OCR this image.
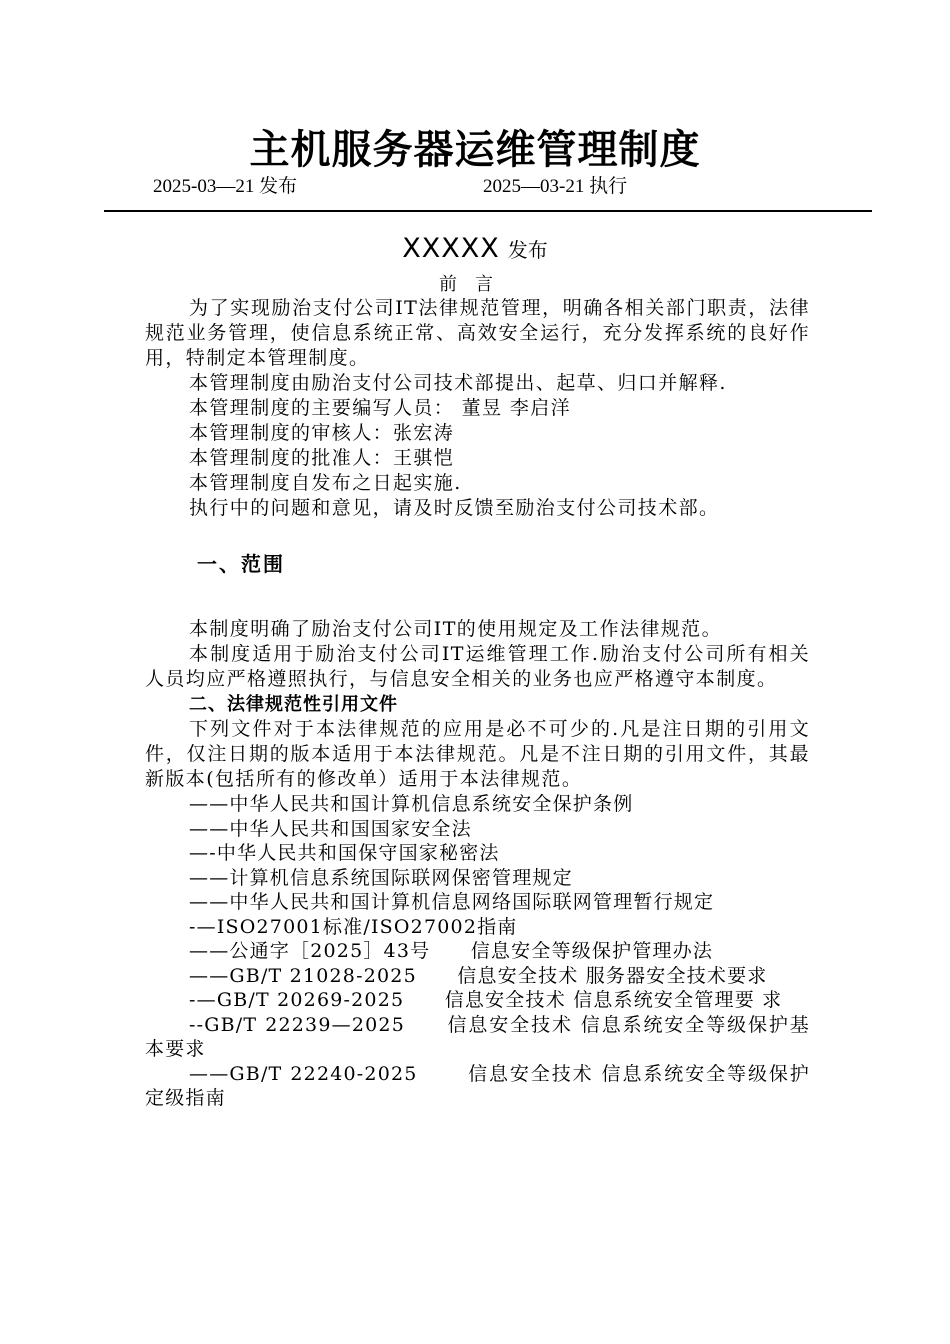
主机服务器运维管理制度
2025-03—21 发布	2025—03-21 执行
XXXXX 发布
前言

为了实现励治支付公司IT法律规范管理，明确各相关部门职责，法律规范业务管理，使信息系统正常、高效安全运行，充分发挥系统的良好作用，特制定本管理制度。

本管理制度由励治支付公司技术部提出、起草、归口并解释.

本管理制度的主要编写人员： 董昱 李启洋

本管理制度的审核人：张宏涛

本管理制度的批准人：王骐恺

本管理制度自发布之日起实施.

执行中的问题和意见，请及时反馈至励治支付公司技术部。

一、范围

本制度明确了励治支付公司IT的使用规定及工作法律规范。

本制度适用于励治支付公司IT运维管理工作.励治支付公司所有相关人员均应严格遵照执行，与信息安全相关的业务也应严格遵守本制度。

二、法律规范性引用文件

下列文件对于本法律规范的应用是必不可少的.凡是注日期的引用文件，仅注日期的版本适用于本法律规范。凡是不注日期的引用文件，其最新版本(包括所有的修改单）适用于本法律规范。

——中华人民共和国计算机信息系统安全保护条例

——中华人民共和国国家安全法

—-中华人民共和国保守国家秘密法

——计算机信息系统国际联网保密管理规定

——中华人民共和国计算机信息网络国际联网管理暂行规定

-—ISO27001标准/ISO27002指南

——公通字［2025］43号　　信息安全等级保护管理办法

——GB/T 21028-2025　　信息安全技术 服务器安全技术要求

-—GB/T 20269-2025　　信息安全技术 信息系统安全管理要 求

--GB/T 22239—2025　　信息安全技术 信息系统安全等级保护基本要求

——GB/T 22240-2025　　 信息安全技术 信息系统安全等级保护定级指南
